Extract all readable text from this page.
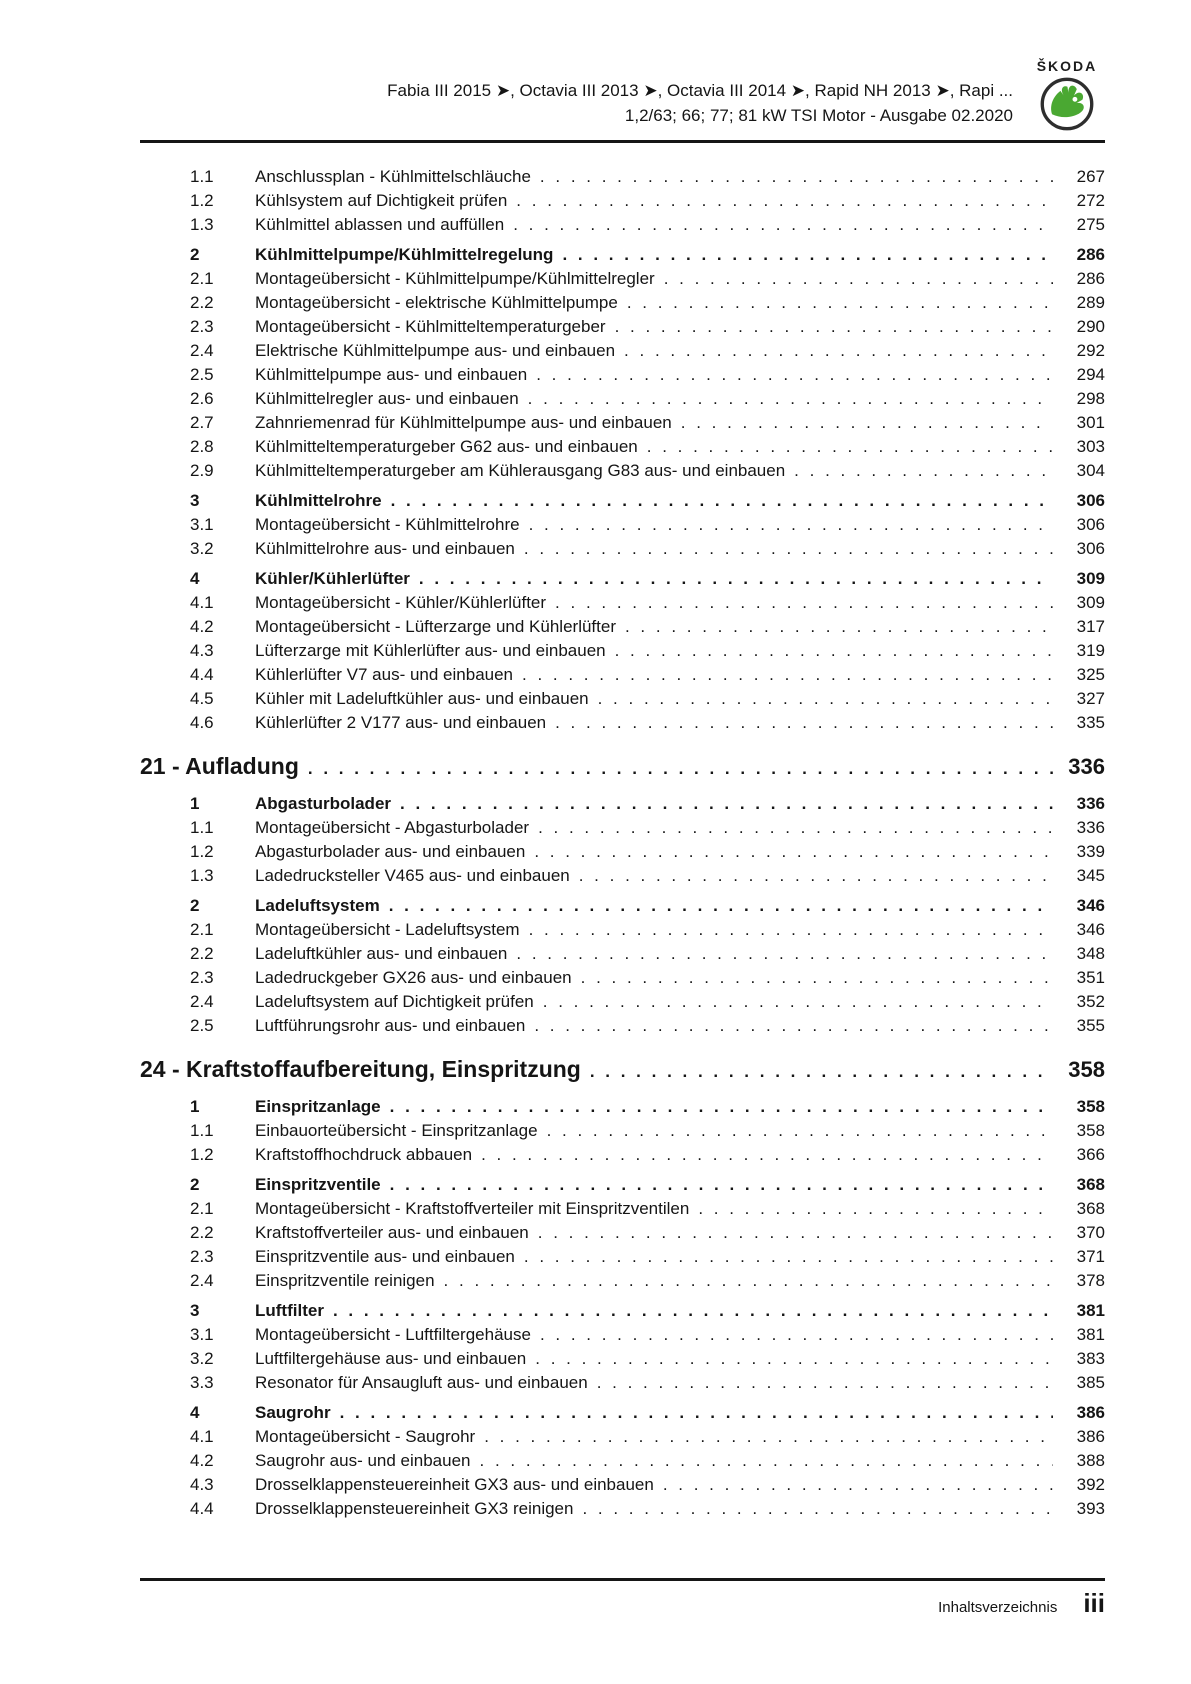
Fabia III 2015 ➤, Octavia III 2013 ➤, Octavia III 2014 ➤, Rapid NH 2013 ➤, Rapi ...
1,2/63; 66; 77; 81 kW TSI Motor - Ausgabe 02.2020
ŠKODA
1.1	Anschlussplan - Kühlmittelschläuche . . .	267
1.2	Kühlsystem auf Dichtigkeit prüfen . . .	272
1.3	Kühlmittel ablassen und auffüllen . . .	275
2	Kühlmittelpumpe/Kühlmittelregelung . . .	286
2.1	Montageübersicht - Kühlmittelpumpe/Kühlmittelregler . . .	286
2.2	Montageübersicht - elektrische Kühlmittelpumpe . . .	289
2.3	Montageübersicht - Kühlmitteltemperaturgeber . . .	290
2.4	Elektrische Kühlmittelpumpe aus- und einbauen . . .	292
2.5	Kühlmittelpumpe aus- und einbauen . . .	294
2.6	Kühlmittelregler aus- und einbauen . . .	298
2.7	Zahnriemenrad für Kühlmittelpumpe aus- und einbauen . . .	301
2.8	Kühlmitteltemperaturgeber G62 aus- und einbauen . . .	303
2.9	Kühlmitteltemperaturgeber am Kühlerausgang G83 aus- und einbauen . . .	304
3	Kühlmittelrohre . . .	306
3.1	Montageübersicht - Kühlmittelrohre . . .	306
3.2	Kühlmittelrohre aus- und einbauen . . .	306
4	Kühler/Kühlerlüfter . . .	309
4.1	Montageübersicht - Kühler/Kühlerlüfter . . .	309
4.2	Montageübersicht - Lüfterzarge und Kühlerlüfter . . .	317
4.3	Lüfterzarge mit Kühlerlüfter aus- und einbauen . . .	319
4.4	Kühlerlüfter V7 aus- und einbauen . . .	325
4.5	Kühler mit Ladeluftkühler aus- und einbauen . . .	327
4.6	Kühlerlüfter 2 V177 aus- und einbauen . . .	335
21 - Aufladung . . .	336
1	Abgasturbolader . . .	336
1.1	Montageübersicht - Abgasturbolader . . .	336
1.2	Abgasturbolader aus- und einbauen . . .	339
1.3	Ladedrucksteller V465 aus- und einbauen . . .	345
2	Ladeluftsystem . . .	346
2.1	Montageübersicht - Ladeluftsystem . . .	346
2.2	Ladeluftkühler aus- und einbauen . . .	348
2.3	Ladedruckgeber GX26 aus- und einbauen . . .	351
2.4	Ladeluftsystem auf Dichtigkeit prüfen . . .	352
2.5	Luftführungsrohr aus- und einbauen . . .	355
24 - Kraftstoffaufbereitung, Einspritzung . . .	358
1	Einspritzanlage . . .	358
1.1	Einbauorteübersicht - Einspritzanlage . . .	358
1.2	Kraftstoffhochdruck abbauen . . .	366
2	Einspritzventile . . .	368
2.1	Montageübersicht - Kraftstoffverteiler mit Einspritzventilen . . .	368
2.2	Kraftstoffverteiler aus- und einbauen . . .	370
2.3	Einspritzventile aus- und einbauen . . .	371
2.4	Einspritzventile reinigen . . .	378
3	Luftfilter . . .	381
3.1	Montageübersicht - Luftfiltergehäuse . . .	381
3.2	Luftfiltergehäuse aus- und einbauen . . .	383
3.3	Resonator für Ansaugluft aus- und einbauen . . .	385
4	Saugrohr . . .	386
4.1	Montageübersicht - Saugrohr . . .	386
4.2	Saugrohr aus- und einbauen . . .	388
4.3	Drosselklappensteuereinheit GX3 aus- und einbauen . . .	392
4.4	Drosselklappensteuereinheit GX3 reinigen . . .	393
Inhaltsverzeichnis iii
